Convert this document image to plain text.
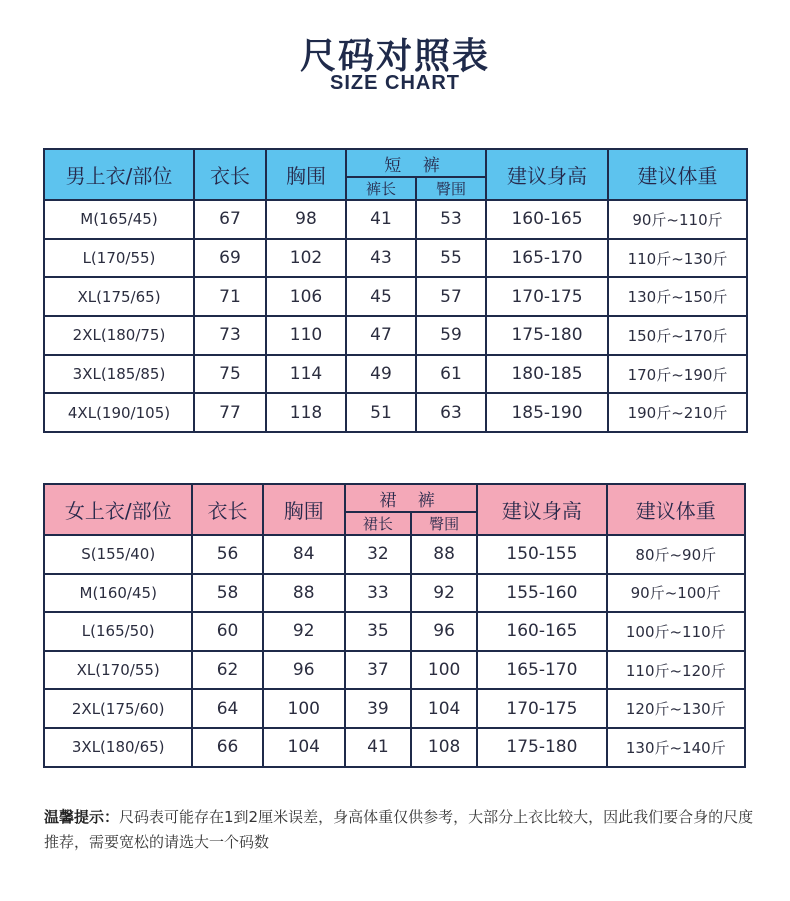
尺码对照表
SIZE CHART
男上衣/部位	衣长	胸围	短 裤		建议身高	建议体重
			裤长	臀围		
M(165/45)	67	98	41	53	160-165	90斤~110斤
L(170/55)	69	102	43	55	165-170	110斤~130斤
XL(175/65)	71	106	45	57	170-175	130斤~150斤
2XL(180/75)	73	110	47	59	175-180	150斤~170斤
3XL(185/85)	75	114	49	61	180-185	170斤~190斤
4XL(190/105)	77	118	51	63	185-190	190斤~210斤
女上衣/部位	衣长	胸围	裙 裤		建议身高	建议体重
			裙长	臀围		
S(155/40)	56	84	32	88	150-155	80斤~90斤
M(160/45)	58	88	33	92	155-160	90斤~100斤
L(165/50)	60	92	35	96	160-165	100斤~110斤
XL(170/55)	62	96	37	100	165-170	110斤~120斤
2XL(175/60)	64	100	39	104	170-175	120斤~130斤
3XL(180/65)	66	104	41	108	175-180	130斤~140斤
温馨提示：尺码表可能存在1到2厘米误差，身高体重仅供参考，大部分上衣比较大，因此我们要合身的尺度推荐，需要宽松的请选大一个码数
